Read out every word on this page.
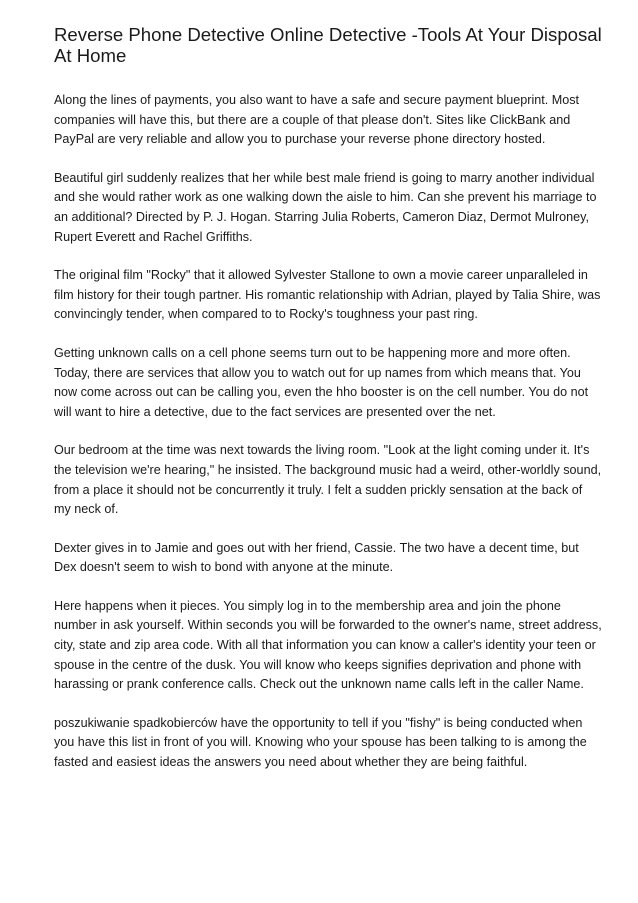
Reverse Phone Detective Online Detective -Tools At Your Disposal At Home

Along the lines of payments, you also want to have a safe and secure payment blueprint. Most companies will have this, but there are a couple of that please don't. Sites like ClickBank and PayPal are very reliable and allow you to purchase your reverse phone directory hosted.

Beautiful girl suddenly realizes that her while best male friend is going to marry another individual and she would rather work as one walking down the aisle to him. Can she prevent his marriage to an additional? Directed by P. J. Hogan. Starring Julia Roberts, Cameron Diaz, Dermot Mulroney, Rupert Everett and Rachel Griffiths.

The original film "Rocky" that it allowed Sylvester Stallone to own a movie career unparalleled in film history for their tough partner. His romantic relationship with Adrian, played by Talia Shire, was convincingly tender, when compared to to Rocky's toughness your past ring.

Getting unknown calls on a cell phone seems turn out to be happening more and more often. Today, there are services that allow you to watch out for up names from which means that. You now come across out can be calling you, even the hho booster is on the cell number. You do not will want to hire a detective, due to the fact services are presented over the net.

Our bedroom at the time was next towards the living room. "Look at the light coming under it. It's the television we're hearing," he insisted. The background music had a weird, other-worldly sound, from a place it should not be concurrently it truly. I felt a sudden prickly sensation at the back of my neck of.

Dexter gives in to Jamie and goes out with her friend, Cassie. The two have a decent time, but Dex doesn't seem to wish to bond with anyone at the minute.

Here happens when it pieces. You simply log in to the membership area and join the phone number in ask yourself. Within seconds you will be forwarded to the owner's name, street address, city, state and zip area code. With all that information you can know a caller's identity your teen or spouse in the centre of the dusk. You will know who keeps signifies deprivation and phone with harassing or prank conference calls. Check out the unknown name calls left in the caller Name.

poszukiwanie spadkobierców have the opportunity to tell if you "fishy" is being conducted when you have this list in front of you will. Knowing who your spouse has been talking to is among the fasted and easiest ideas the answers you need about whether they are being faithful.
